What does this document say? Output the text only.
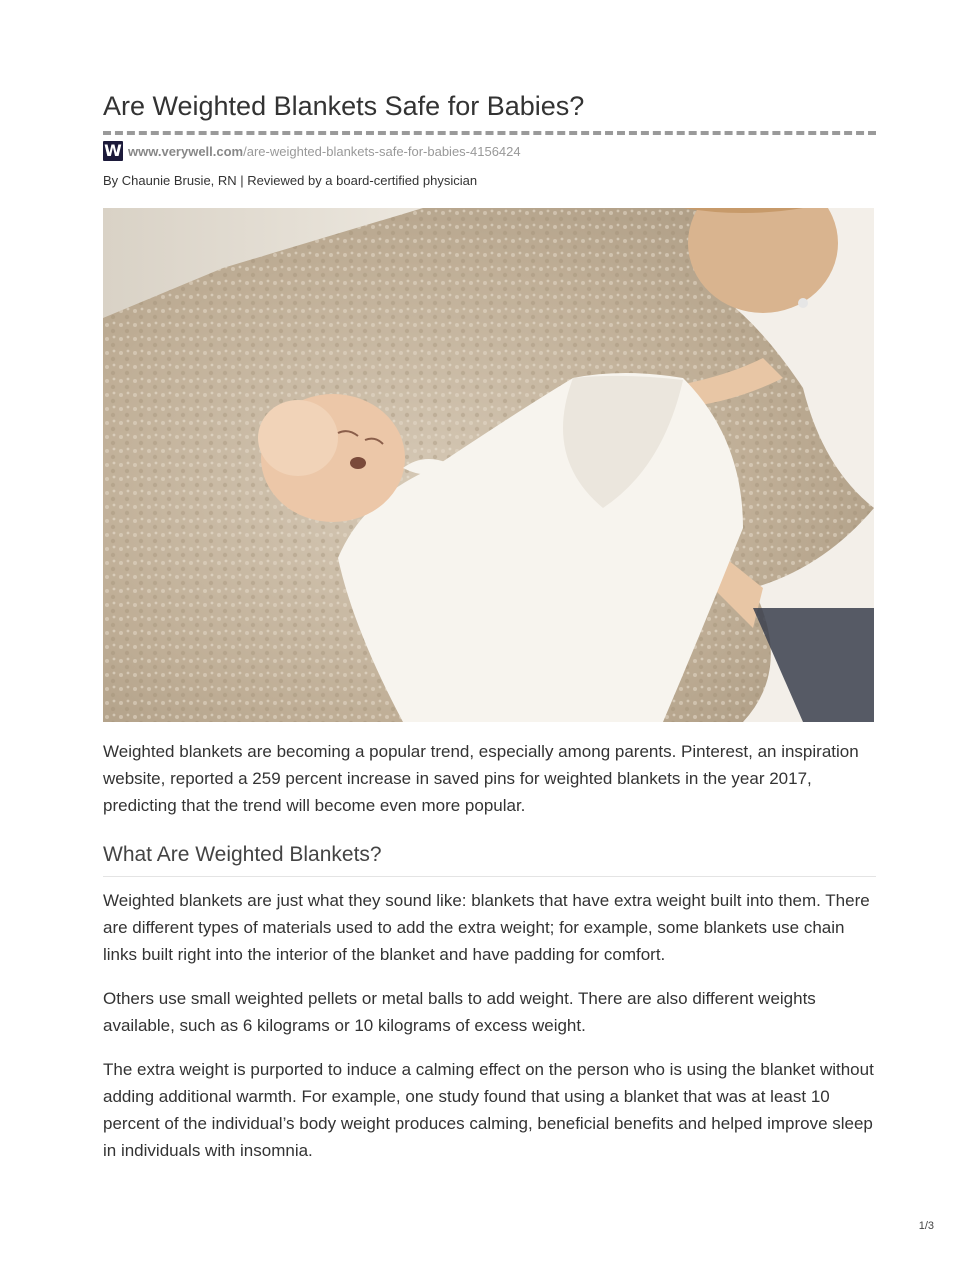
Are Weighted Blankets Safe for Babies?
W www.verywell.com /are-weighted-blankets-safe-for-babies-4156424
By Chaunie Brusie, RN | Reviewed by a board-certified physician

Weighted blankets are becoming a popular trend, especially among parents. Pinterest, an inspiration website, reported a 259 percent increase in saved pins for weighted blankets in the year 2017, predicting that the trend will become even more popular.

What Are Weighted Blankets?

Weighted blankets are just what they sound like: blankets that have extra weight built into them. There are different types of materials used to add the extra weight; for example, some blankets use chain links built right into the interior of the blanket and have padding for comfort.

Others use small weighted pellets or metal balls to add weight. There are also different weights available, such as 6 kilograms or 10 kilograms of excess weight.

The extra weight is purported to induce a calming effect on the person who is using the blanket without adding additional warmth. For example, one study found that using a blanket that was at least 10 percent of the individual’s body weight produces calming, beneficial benefits and helped improve sleep in individuals with insomnia.

1/3
